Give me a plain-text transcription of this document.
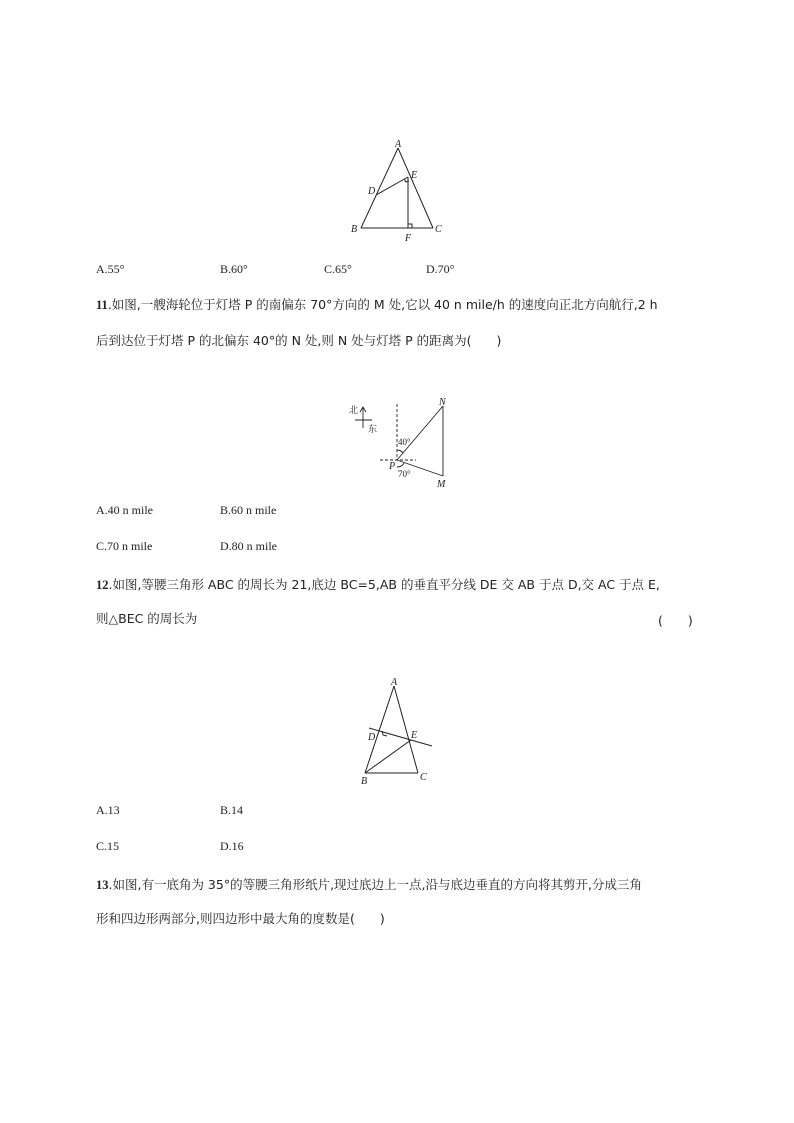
A
B	C
D
E
F
A.55°	B.60°	C.65°	D.70°
11.如图,一艘海轮位于灯塔 P 的南偏东 70°方向的 M 处,它以 40 n mile/h 的速度向正北方向航行,2 h
后到达位于灯塔 P 的北偏东 40°的 N 处,则 N 处与灯塔 P 的距离为(　　)
北
东
N
M
P
40°
70°
A.40 n mile	B.60 n mile
C.70 n mile	D.80 n mile
12.如图,等腰三角形 ABC 的周长为 21,底边 BC=5,AB 的垂直平分线 DE 交 AB 于点 D,交 AC 于点 E,
则△BEC 的周长为	(　　)
A
B	C
D	E
A.13	B.14
C.15	D.16
13.如图,有一底角为 35°的等腰三角形纸片,现过底边上一点,沿与底边垂直的方向将其剪开,分成三角
形和四边形两部分,则四边形中最大角的度数是(　　)
